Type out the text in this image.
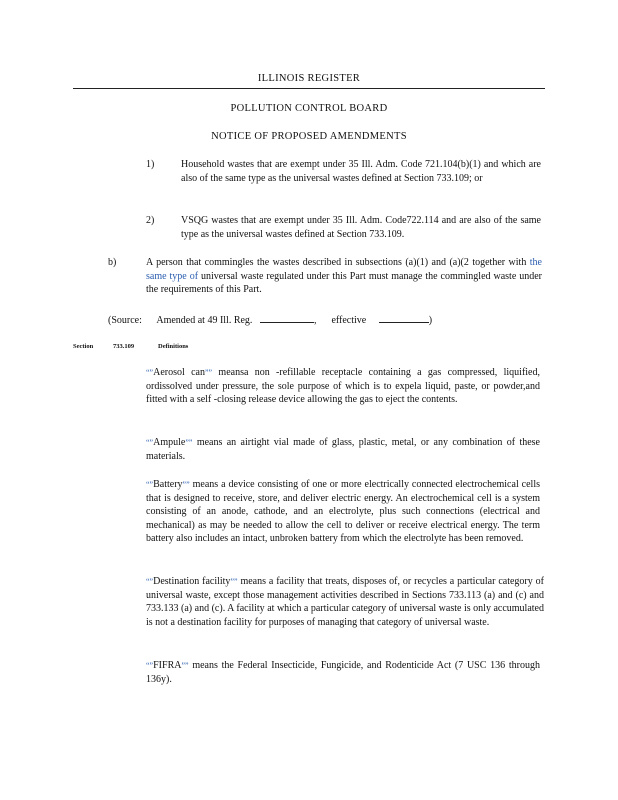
ILLINOIS REGISTER
POLLUTION CONTROL BOARD
NOTICE OF PROPOSED AMENDMENTS
1)	Household wastes that are exempt under 35 Ill. Adm. Code 721.104(b)(1) and which are also of the same type as the universal wastes defined at Section 733.109; or
2)	VSQG wastes that are exempt under 35 Ill. Adm. Code722.114 and are also of the same type as the universal wastes defined at Section 733.109.
b)	A person that commingles the wastes described in subsections (a)(1) and (a)(2 together with the same type of universal waste regulated under this Part must manage the commingled waste under the requirements of this Part.
(Source: Amended at 49 Ill. Reg.	,      effective	)
Section	733.109	Definitions
“”Aerosol can”” meansa non -refillable receptacle containing a gas compressed, liquified, ordissolved under pressure, the sole purpose of which is to expela liquid, paste, or powder,and fitted with a self -closing release device allowing the gas to eject the contents.
“”Ampule”” means an airtight vial made of glass, plastic, metal, or any combination of these materials.
“”Battery”” means a device consisting of one or more electrically connected electrochemical cells that is designed to receive, store, and deliver electric energy. An electrochemical cell is a system consisting of an anode, cathode, and an electrolyte, plus such connections (electrical and mechanical) as may be needed to allow the cell to deliver or receive electrical energy. The term battery also includes an intact, unbroken battery from which the electrolyte has been removed.
“”Destination facility”” means a facility that treats, disposes of, or recycles a particular category of universal waste, except those management activities described in Sections 733.113 (a) and (c) and 733.133 (a) and (c). A facility at which a particular category of universal waste is only accumulated is not a destination facility for purposes of managing that category of universal waste.
“”FIFRA”” means the Federal Insecticide, Fungicide, and Rodenticide Act (7 USC 136 through 136y).
